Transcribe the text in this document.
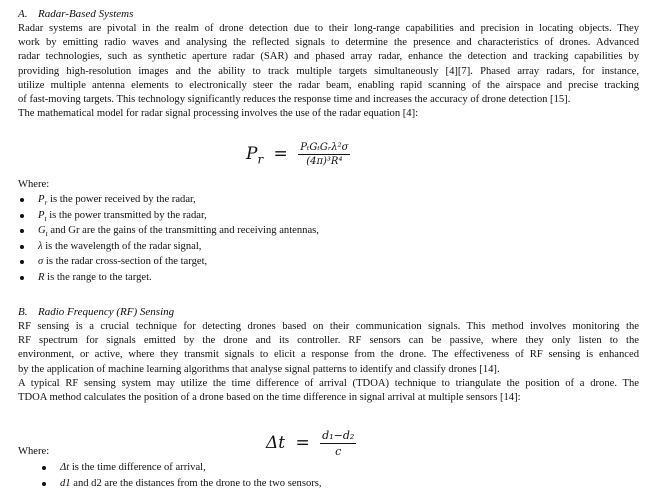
A. Radar-Based Systems
Radar systems are pivotal in the realm of drone detection due to their long-range capabilities and precision in locating objects. They
work by emitting radio waves and analysing the reflected signals to determine the presence and characteristics of drones. Advanced
radar technologies, such as synthetic aperture radar (SAR) and phased array radar, enhance the detection and tracking capabilities by
providing high-resolution images and the ability to track multiple targets simultaneously [4][7]. Phased array radars, for instance,
utilize multiple antenna elements to electronically steer the radar beam, enabling rapid scanning of the airspace and precise tracking
of fast-moving targets. This technology significantly reduces the response time and increases the accuracy of drone detection [15].
The mathematical model for radar signal processing involves the use of the radar equation [4]:
$P_r = \frac{\text{PₜGₜGᵣλ²σ}}{\text{(4π)³R⁴}}$
Where:
$P_r$ is the power received by the radar,
$P_t$ is the power transmitted by the radar,
$G_t$ and Gr are the gains of the transmitting and receiving antennas,
λ is the wavelength of the radar signal,
σ is the radar cross-section of the target,
R is the range to the target.
B. Radio Frequency (RF) Sensing
RF sensing is a crucial technique for detecting drones based on their communication signals. This method involves monitoring the
RF spectrum for signals emitted by the drone and its controller. RF sensors can be passive, where they only listen to the
environment, or active, where they transmit signals to elicit a response from the drone. The effectiveness of RF sensing is enhanced
by the application of machine learning algorithms that analyse signal patterns to identify and classify drones [14].
A typical RF sensing system may utilize the time difference of arrival (TDOA) technique to triangulate the position of a drone. The
TDOA method calculates the position of a drone based on the time difference in signal arrival at multiple sensors [14]:
$\Delta t = \frac{\text{d₁−d₂}}{c}$
Where:
Δt is the time difference of arrival,
d1 and d2 are the distances from the drone to the two sensors,
